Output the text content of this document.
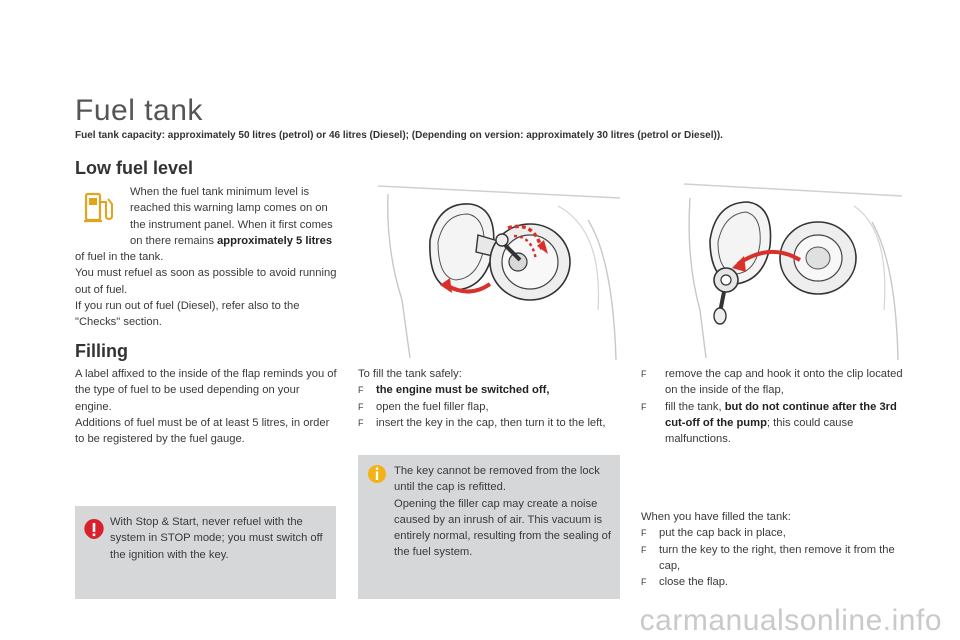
Fuel tank
Fuel tank capacity: approximately 50 litres (petrol) or 46 litres (Diesel); (Depending on version: approximately 30 litres (petrol or Diesel)).
Low fuel level
When the fuel tank minimum level is reached this warning lamp comes on on the instrument panel. When it first comes on there remains approximately 5 litres of fuel in the tank.
You must refuel as soon as possible to avoid running out of fuel.
If you run out of fuel (Diesel), refer also to the "Checks" section.
Filling
A label affixed to the inside of the flap reminds you of the type of fuel to be used depending on your engine.
Additions of fuel must be of at least 5 litres, in order to be registered by the fuel gauge.
With Stop & Start, never refuel with the system in STOP mode; you must switch off the ignition with the key.
To fill the tank safely:
F the engine must be switched off,
F open the fuel filler flap,
F insert the key in the cap, then turn it to the left,
The key cannot be removed from the lock until the cap is refitted.
Opening the filler cap may create a noise caused by an inrush of air. This vacuum is entirely normal, resulting from the sealing of the fuel system.
F remove the cap and hook it onto the clip located on the inside of the flap,
F fill the tank, but do not continue after the 3rd cut-off of the pump; this could cause malfunctions.
When you have filled the tank:
F put the cap back in place,
F turn the key to the right, then remove it from the cap,
F close the flap.
carmanualsonline.info
